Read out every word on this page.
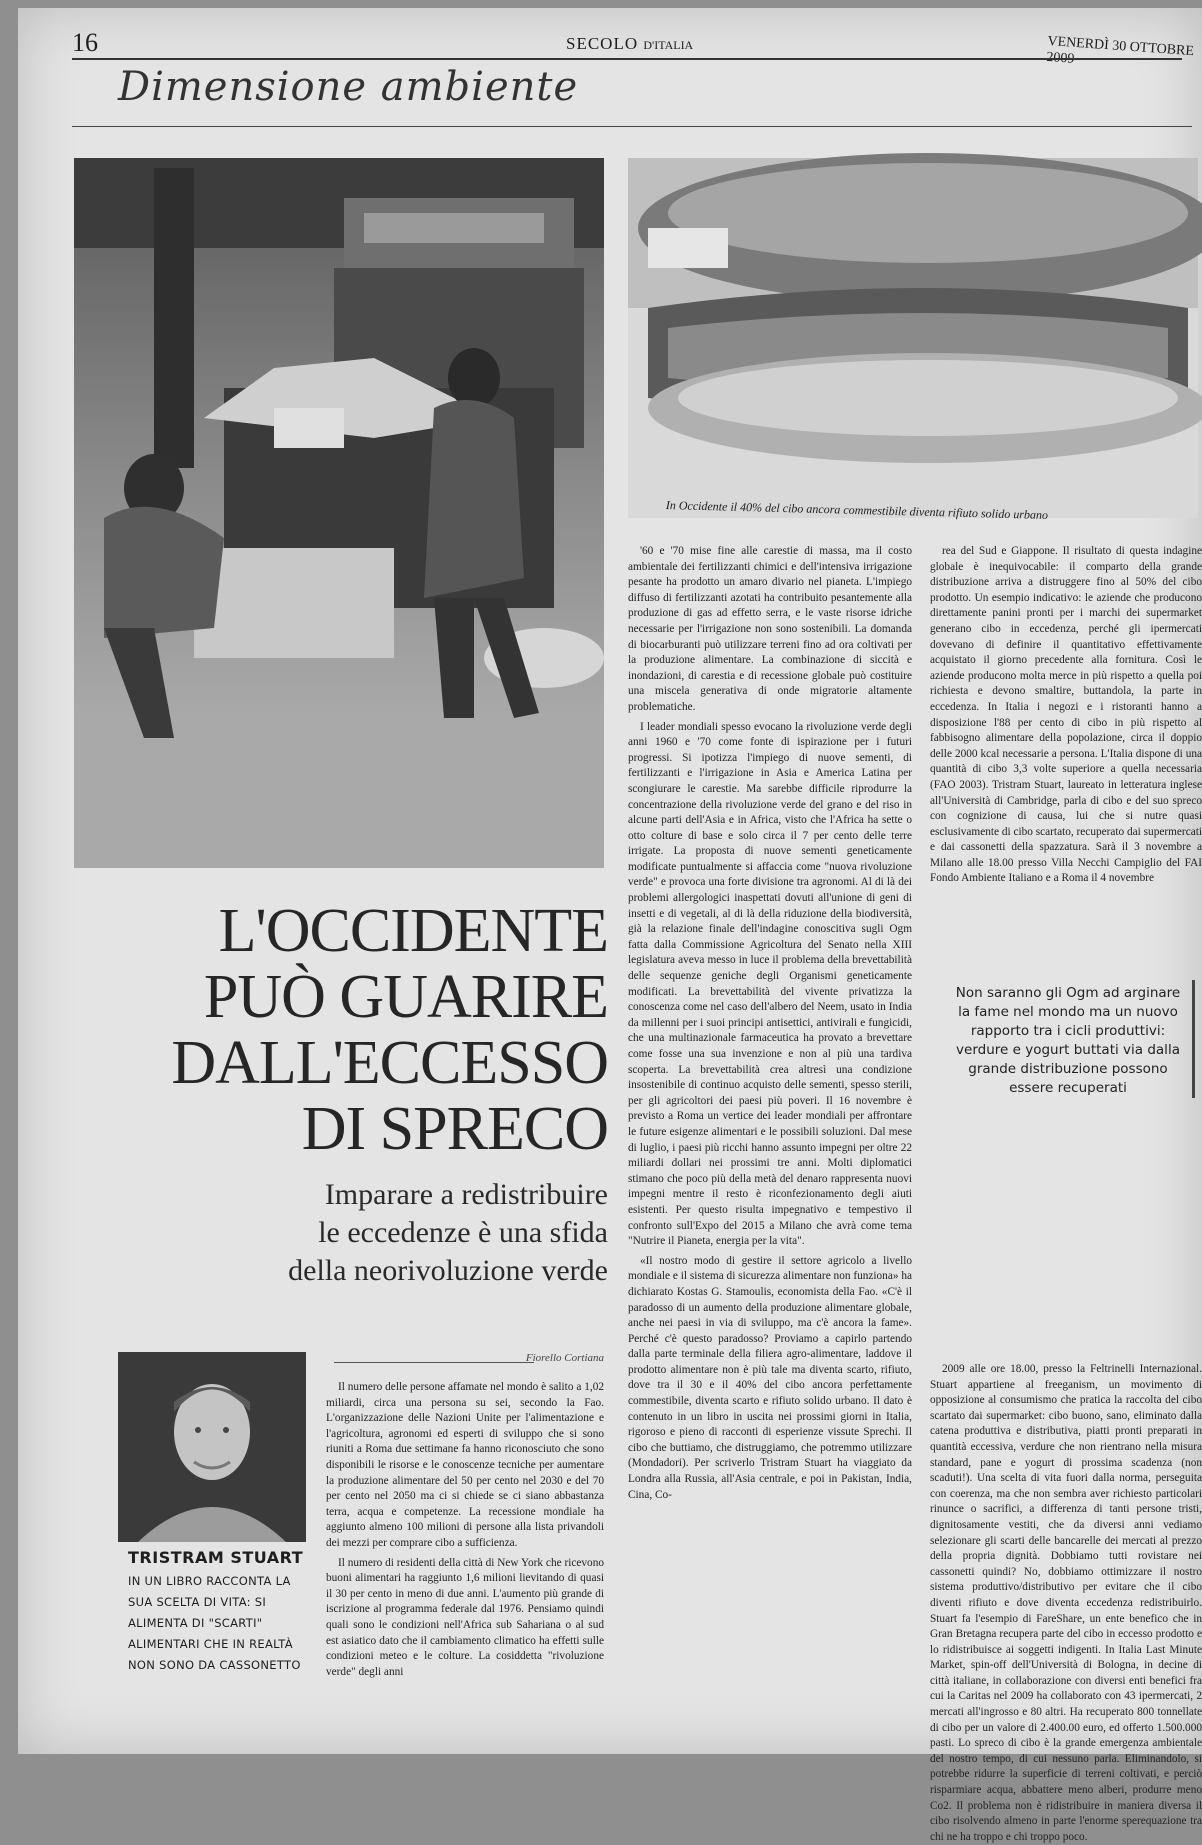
16	SECOLO D'ITALIA	VENERDÌ 30 OTTOBRE 2009
Dimensione ambiente
In Occidente il 40% del cibo ancora commestibile diventa rifiuto solido urbano
L'OCCIDENTE
PUÒ GUARIRE
DALL'ECCESSO
DI SPRECO
Imparare a redistribuire
le eccedenze è una sfida
della neorivoluzione verde
TRISTRAM STUART
IN UN LIBRO RACCONTA LA SUA SCELTA DI VITA: SI ALIMENTA DI "SCARTI" ALIMENTARI CHE IN REALTÀ NON SONO DA CASSONETTO
Fiorello Cortiana

Il numero delle persone affamate nel mondo è salito a 1,02 miliardi, circa una persona su sei, secondo la Fao. L'organizzazione delle Nazioni Unite per l'alimentazione e l'agricoltura, agronomi ed esperti di sviluppo che si sono riuniti a Roma due settimane fa hanno riconosciuto che sono disponibili le risorse e le conoscenze tecniche per aumentare la produzione alimentare del 50 per cento nel 2030 e del 70 per cento nel 2050 ma ci si chiede se ci siano abbastanza terra, acqua e competenze. La recessione mondiale ha aggiunto almeno 100 milioni di persone alla lista privandoli dei mezzi per comprare cibo a sufficienza.

Il numero di residenti della città di New York che ricevono buoni alimentari ha raggiunto 1,6 milioni lievitando di quasi il 30 per cento in meno di due anni. L'aumento più grande di iscrizione al programma federale dal 1976. Pensiamo quindi quali sono le condizioni nell'Africa sub Sahariana o al sud est asiatico dato che il cambiamento climatico ha effetti sulle condizioni meteo e le colture. La cosiddetta "rivoluzione verde" degli anni

'60 e '70 mise fine alle carestie di massa, ma il costo ambientale dei fertilizzanti chimici e dell'intensiva irrigazione pesante ha prodotto un amaro divario nel pianeta. L'impiego diffuso di fertilizzanti azotati ha contribuito pesantemente alla produzione di gas ad effetto serra, e le vaste risorse idriche necessarie per l'irrigazione non sono sostenibili. La domanda di biocarburanti può utilizzare terreni fino ad ora coltivati per la produzione alimentare. La combinazione di siccità e inondazioni, di carestia e di recessione globale può costituire una miscela generativa di onde migratorie altamente problematiche.

I leader mondiali spesso evocano la rivoluzione verde degli anni 1960 e '70 come fonte di ispirazione per i futuri progressi. Si ipotizza l'impiego di nuove sementi, di fertilizzanti e l'irrigazione in Asia e America Latina per scongiurare le carestie. Ma sarebbe difficile riprodurre la concentrazione della rivoluzione verde del grano e del riso in alcune parti dell'Asia e in Africa, visto che l'Africa ha sette o otto colture di base e solo circa il 7 per cento delle terre irrigate. La proposta di nuove sementi geneticamente modificate puntualmente si affaccia come "nuova rivoluzione verde" e provoca una forte divisione tra agronomi. Al di là dei problemi allergologici inaspettati dovuti all'unione di geni di insetti e di vegetali, al di là della riduzione della biodiversità, già la relazione finale dell'indagine conoscitiva sugli Ogm fatta dalla Commissione Agricoltura del Senato nella XIII legislatura aveva messo in luce il problema della brevettabilità delle sequenze geniche degli Organismi geneticamente modificati. La brevettabilità del vivente privatizza la conoscenza come nel caso dell'albero del Neem, usato in India da millenni per i suoi principi antisettici, antivirali e fungicidi, che una multinazionale farmaceutica ha provato a brevettare come fosse una sua invenzione e non al più una tardiva scoperta. La brevettabilità crea altresì una condizione insostenibile di continuo acquisto delle sementi, spesso sterili, per gli agricoltori dei paesi più poveri. Il 16 novembre è previsto a Roma un vertice dei leader mondiali per affrontare le future esigenze alimentari e le possibili soluzioni. Dal mese di luglio, i paesi più ricchi hanno assunto impegni per oltre 22 miliardi dollari nei prossimi tre anni. Molti diplomatici stimano che poco più della metà del denaro rappresenta nuovi impegni mentre il resto è riconfezionamento degli aiuti esistenti. Per questo risulta impegnativo e tempestivo il confronto sull'Expo del 2015 a Milano che avrà come tema "Nutrire il Pianeta, energia per la vita".

«Il nostro modo di gestire il settore agricolo a livello mondiale e il sistema di sicurezza alimentare non funziona» ha dichiarato Kostas G. Stamoulis, economista della Fao. «C'è il paradosso di un aumento della produzione alimentare globale, anche nei paesi in via di sviluppo, ma c'è ancora la fame». Perché c'è questo paradosso? Proviamo a capirlo partendo dalla parte terminale della filiera agro-alimentare, laddove il prodotto alimentare non è più tale ma diventa scarto, rifiuto, dove tra il 30 e il 40% del cibo ancora perfettamente commestibile, diventa scarto e rifiuto solido urbano. Il dato è contenuto in un libro in uscita nei prossimi giorni in Italia, rigoroso e pieno di racconti di esperienze vissute Sprechi. Il cibo che buttiamo, che distruggiamo, che potremmo utilizzare (Mondadori). Per scriverlo Tristram Stuart ha viaggiato da Londra alla Russia, all'Asia centrale, e poi in Pakistan, India, Cina, Co-

rea del Sud e Giappone. Il risultato di questa indagine globale è inequivocabile: il comparto della grande distribuzione arriva a distruggere fino al 50% del cibo prodotto. Un esempio indicativo: le aziende che producono direttamente panini pronti per i marchi dei supermarket generano cibo in eccedenza, perché gli ipermercati dovevano di definire il quantitativo effettivamente acquistato il giorno precedente alla fornitura. Così le aziende producono molta merce in più rispetto a quella poi richiesta e devono smaltire, buttandola, la parte in eccedenza. In Italia i negozi e i ristoranti hanno a disposizione l'88 per cento di cibo in più rispetto al fabbisogno alimentare della popolazione, circa il doppio delle 2000 kcal necessarie a persona. L'Italia dispone di una quantità di cibo 3,3 volte superiore a quella necessaria (FAO 2003). Tristram Stuart, laureato in letteratura inglese all'Università di Cambridge, parla di cibo e del suo spreco con cognizione di causa, lui che si nutre quasi esclusivamente di cibo scartato, recuperato dai supermercati e dai cassonetti della spazzatura. Sarà il 3 novembre a Milano alle 18.00 presso Villa Necchi Campiglio del FAI Fondo Ambiente Italiano e a Roma il 4 novembre

Non saranno gli Ogm ad arginare la fame nel mondo ma un nuovo rapporto tra i cicli produttivi: verdure e yogurt buttati via dalla grande distribuzione possono essere recuperati

2009 alle ore 18.00, presso la Feltrinelli Internazional. Stuart appartiene al freeganism, un movimento di opposizione al consumismo che pratica la raccolta del cibo scartato dai supermarket: cibo buono, sano, eliminato dalla catena produttiva e distributiva, piatti pronti preparati in quantità eccessiva, verdure che non rientrano nella misura standard, pane e yogurt di prossima scadenza (non scaduti!). Una scelta di vita fuori dalla norma, perseguita con coerenza, ma che non sembra aver richiesto particolari rinunce o sacrifici, a differenza di tanti persone tristi, dignitosamente vestiti, che da diversi anni vediamo selezionare gli scarti delle bancarelle dei mercati al prezzo della propria dignità. Dobbiamo tutti rovistare nei cassonetti quindi? No, dobbiamo ottimizzare il nostro sistema produttivo/distributivo per evitare che il cibo diventi rifiuto e dove diventa eccedenza redistribuirlo. Stuart fa l'esempio di FareShare, un ente benefico che in Gran Bretagna recupera parte del cibo in eccesso prodotto e lo ridistribuisce ai soggetti indigenti. In Italia Last Minute Market, spin-off dell'Università di Bologna, in decine di città italiane, in collaborazione con diversi enti benefici fra cui la Caritas nel 2009 ha collaborato con 43 ipermercati, 2 mercati all'ingrosso e 80 altri. Ha recuperato 800 tonnellate di cibo per un valore di 2.400.00 euro, ed offerto 1.500.000 pasti. Lo spreco di cibo è la grande emergenza ambientale del nostro tempo, di cui nessuno parla. Eliminandolo, si potrebbe ridurre la superficie di terreni coltivati, e perciò risparmiare acqua, abbattere meno alberi, produrre meno Co2. Il problema non è ridistribuire in maniera diversa il cibo risolvendo almeno in parte l'enorme sperequazione tra chi ne ha troppo e chi troppo poco.
